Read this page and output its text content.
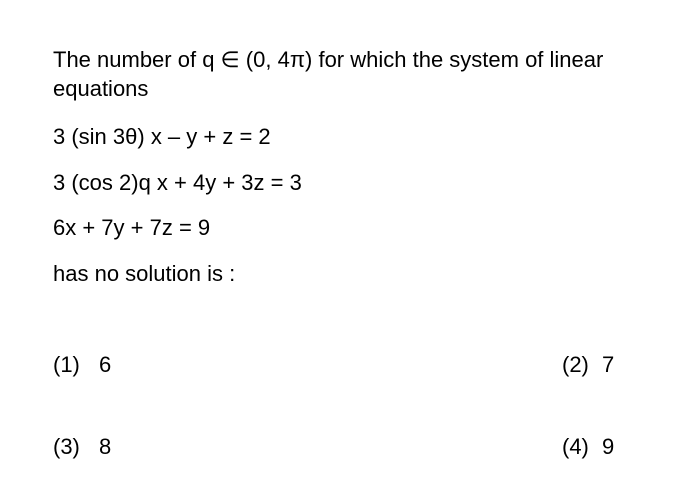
The number of q ∈ (0, 4π) for which the system of linear
equations
3 (sin 3θ) x – y + z = 2
3 (cos 2)q x + 4y + 3z = 3
6x + 7y + 7z = 9
has no solution is :
(1) 6	(2) 7
(3) 8	(4) 9
